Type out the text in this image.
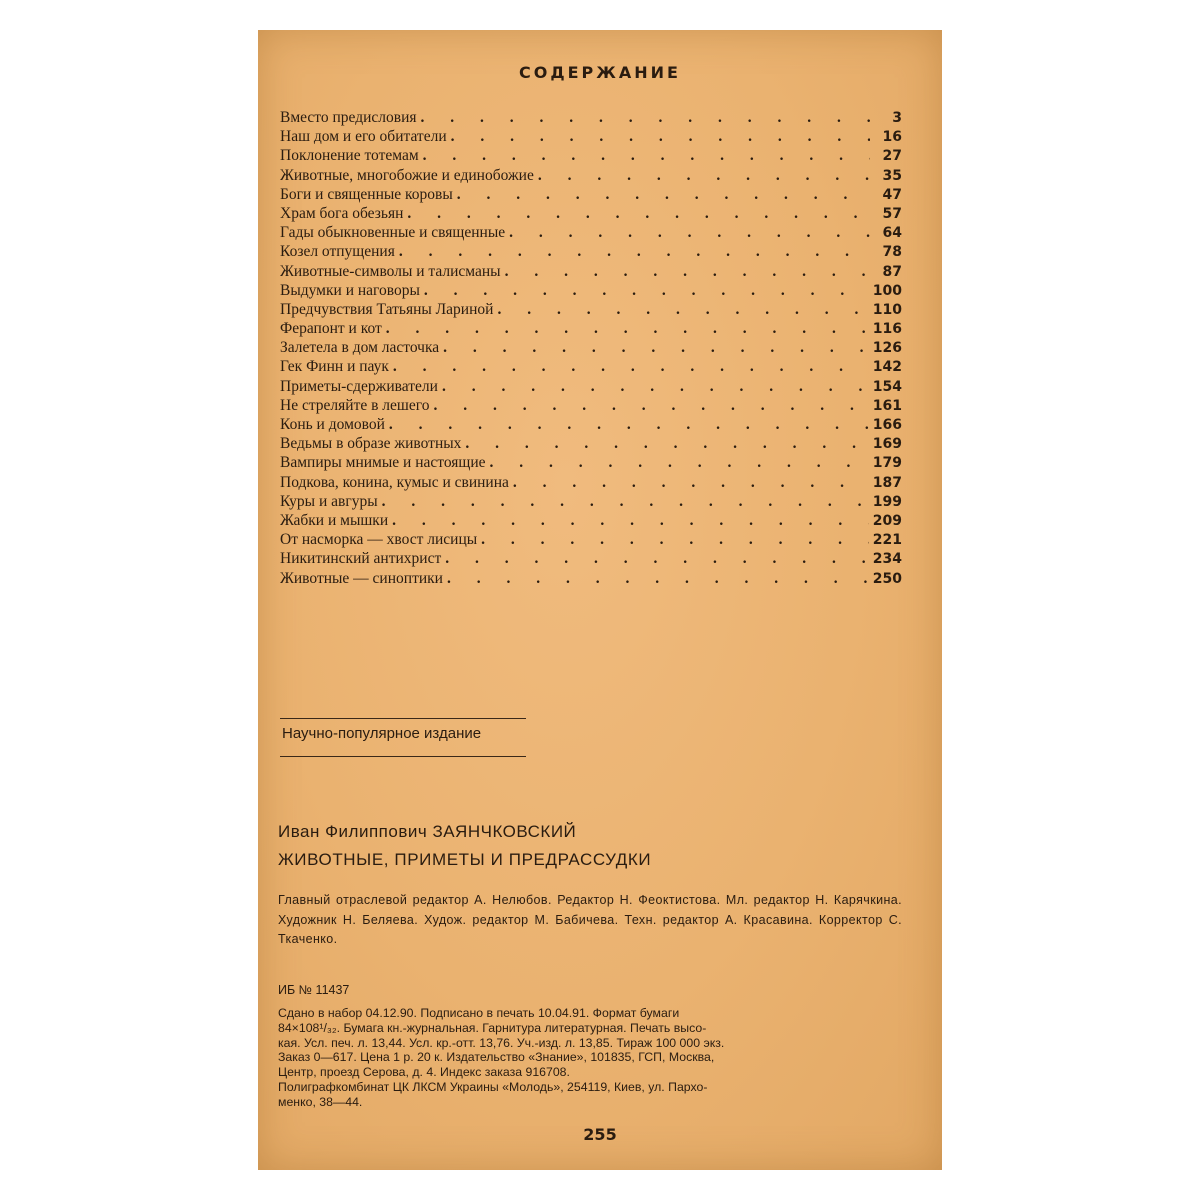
СОДЕРЖАНИЕ
Вместо предисловия . . .	3
Наш дом и его обитатели . . .	16
Поклонение тотемам . . .	27
Животные, многобожие и единобожие . . .	35
Боги и священные коровы . . .	47
Храм бога обезьян . . .	57
Гады обыкновенные и священные . . .	64
Козел отпущения . . .	78
Животные-символы и талисманы . . .	87
Выдумки и наговоры . . .	100
Предчувствия Татьяны Лариной . . .	110
Ферапонт и кот . . .	116
Залетела в дом ласточка . . .	126
Гек Финн и паук . . .	142
Приметы-сдерживатели . . .	154
Не стреляйте в лешего . . .	161
Конь и домовой . . .	166
Ведьмы в образе животных . . .	169
Вампиры мнимые и настоящие . . .	179
Подкова, конина, кумыс и свинина . . .	187
Куры и авгуры . . .	199
Жабки и мышки . . .	209
От насморка — хвост лисицы . . .	221
Никитинский антихрист . . .	234
Животные — синоптики . . .	250
Научно-популярное издание
Иван Филиппович ЗАЯНЧКОВСКИЙ
ЖИВОТНЫЕ, ПРИМЕТЫ И ПРЕДРАССУДКИ
Главный отраслевой редактор А. Нелюбов. Редактор Н. Феоктистова. Мл. редактор Н. Карячкина. Художник Н. Беляева. Худож. редактор М. Бабичева. Техн. редактор А. Красавина. Корректор С. Ткаченко.
ИБ № 11437
Сдано в набор 04.12.90. Подписано в печать 10.04.91. Формат бумаги
84×108¹/₃₂. Бумага кн.-журнальная. Гарнитура литературная. Печать высо-
кая. Усл. печ. л. 13,44. Усл. кр.-отт. 13,76. Уч.-изд. л. 13,85. Тираж 100 000 экз.
Заказ 0—617. Цена 1 р. 20 к. Издательство «Знание», 101835, ГСП, Москва,
Центр, проезд Серова, д. 4. Индекс заказа 916708.
Полиграфкомбинат ЦК ЛКСМ Украины «Молодь», 254119, Киев, ул. Пархо-
менко, 38—44.
255
